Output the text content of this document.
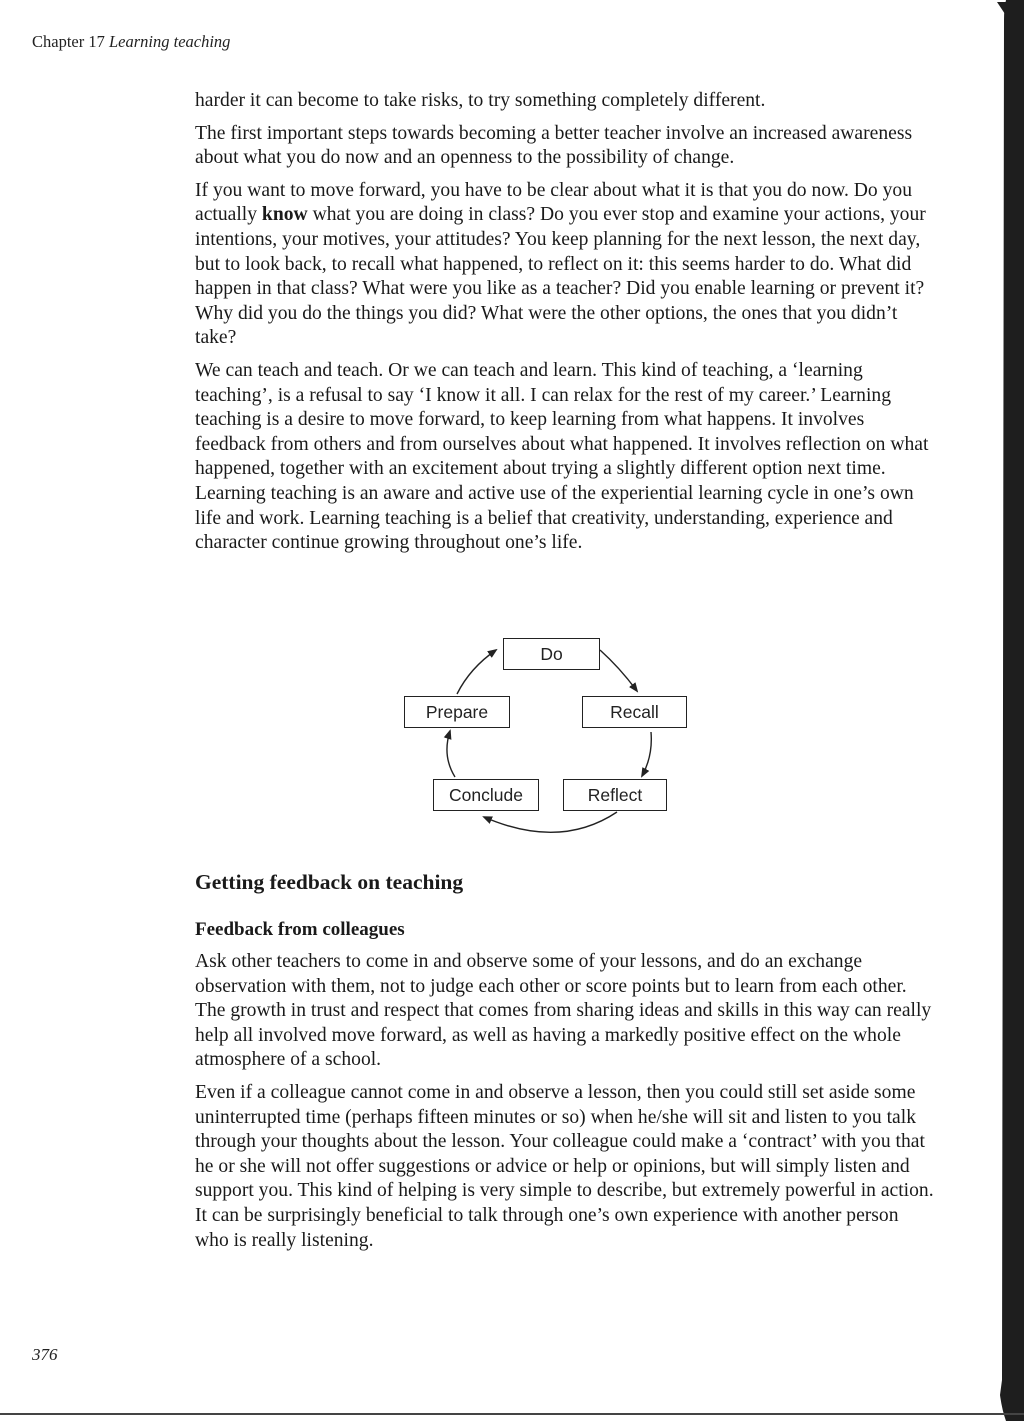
Chapter 17 Learning teaching

harder it can become to take risks, to try something completely different.

The first important steps towards becoming a better teacher involve an increased awareness about what you do now and an openness to the possibility of change.

If you want to move forward, you have to be clear about what it is that you do now. Do you actually know what you are doing in class? Do you ever stop and examine your actions, your intentions, your motives, your attitudes? You keep planning for the next lesson, the next day, but to look back, to recall what happened, to reflect on it: this seems harder to do. What did happen in that class? What were you like as a teacher? Did you enable learning or prevent it? Why did you do the things you did? What were the other options, the ones that you didn’t take?

We can teach and teach. Or we can teach and learn. This kind of teaching, a ‘learning teaching’, is a refusal to say ‘I know it all. I can relax for the rest of my career.’ Learning teaching is a desire to move forward, to keep learning from what happens. It involves feedback from others and from ourselves about what happened. It involves reflection on what happened, together with an excitement about trying a slightly different option next time. Learning teaching is an aware and active use of the experiential learning cycle in one’s own life and work. Learning teaching is a belief that creativity, understanding, experience and character continue growing throughout one’s life.

Do
Recall
Reflect
Conclude
Prepare
Getting feedback on teaching
Feedback from colleagues

Ask other teachers to come in and observe some of your lessons, and do an exchange observation with them, not to judge each other or score points but to learn from each other. The growth in trust and respect that comes from sharing ideas and skills in this way can really help all involved move forward, as well as having a markedly positive effect on the whole atmosphere of a school.

Even if a colleague cannot come in and observe a lesson, then you could still set aside some uninterrupted time (perhaps fifteen minutes or so) when he/she will sit and listen to you talk through your thoughts about the lesson. Your colleague could make a ‘contract’ with you that he or she will not offer suggestions or advice or help or opinions, but will simply listen and support you. This kind of helping is very simple to describe, but extremely powerful in action. It can be surprisingly beneficial to talk through one’s own experience with another person who is really listening.

376
